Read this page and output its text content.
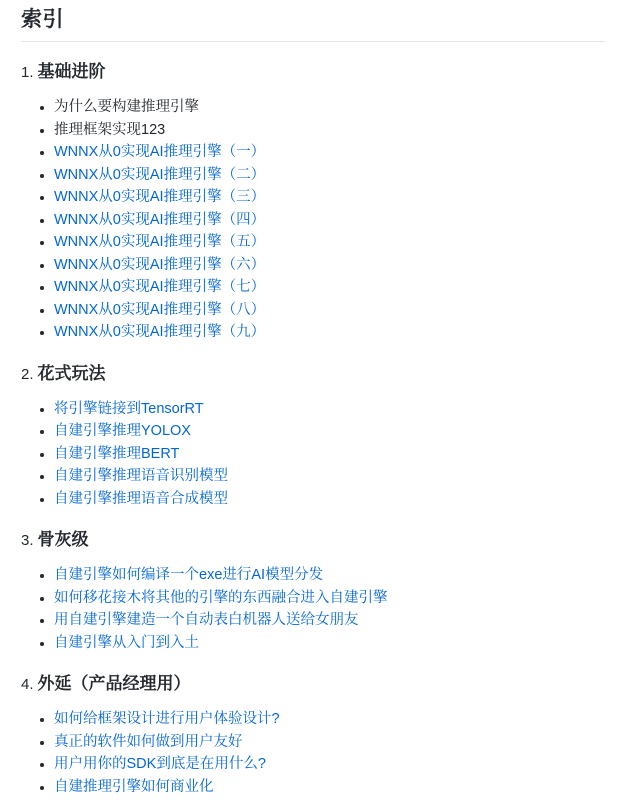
索引
1. 基础进阶
• 为什么要构建推理引擎
• 推理框架实现123
• WNNX从0实现AI推理引擎（一）
• WNNX从0实现AI推理引擎（二）
• WNNX从0实现AI推理引擎（三）
• WNNX从0实现AI推理引擎（四）
• WNNX从0实现AI推理引擎（五）
• WNNX从0实现AI推理引擎（六）
• WNNX从0实现AI推理引擎（七）
• WNNX从0实现AI推理引擎（八）
• WNNX从0实现AI推理引擎（九）
2. 花式玩法
• 将引擎链接到TensorRT
• 自建引擎推理YOLOX
• 自建引擎推理BERT
• 自建引擎推理语音识别模型
• 自建引擎推理语音合成模型
3. 骨灰级
• 自建引擎如何编译一个exe进行AI模型分发
• 如何移花接木将其他的引擎的东西融合进入自建引擎
• 用自建引擎建造一个自动表白机器人送给女朋友
• 自建引擎从入门到入土
4. 外延（产品经理用）
• 如何给框架设计进行用户体验设计?
• 真正的软件如何做到用户友好
• 用户用你的SDK到底是在用什么?
• 自建推理引擎如何商业化
